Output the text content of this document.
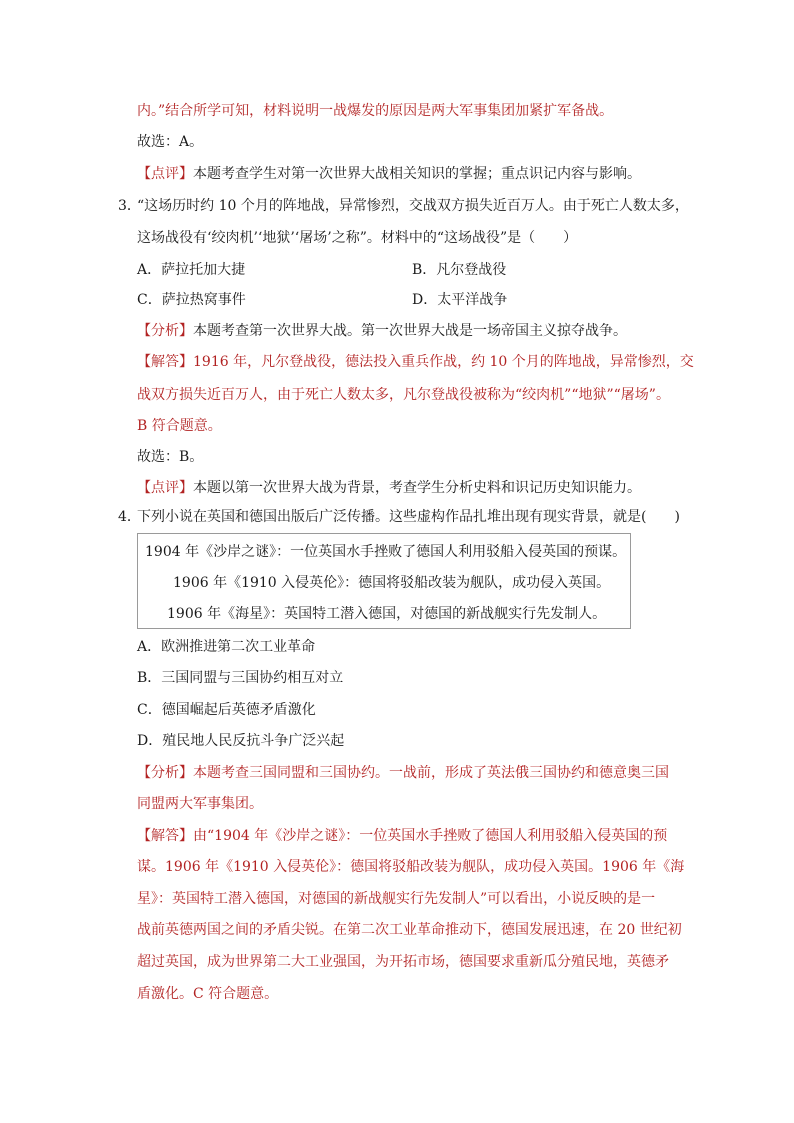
内。”结合所学可知，材料说明一战爆发的原因是两大军事集团加紧扩军备战。
故选：A。
【点评】本题考查学生对第一次世界大战相关知识的掌握；重点识记内容与影响。
3．
“这场历时约 10 个月的阵地战，异常惨烈，交战双方损失近百万人。由于死亡人数太多，
这场战役有‘绞肉机’‘地狱’‘屠场’之称”。材料中的“这场战役”是（　　）
A．萨拉托加大捷	B．凡尔登战役
C．萨拉热窝事件	D．太平洋战争
【分析】本题考查第一次世界大战。第一次世界大战是一场帝国主义掠夺战争。
【解答】1916 年，凡尔登战役，德法投入重兵作战，约 10 个月的阵地战，异常惨烈，交
战双方损失近百万人，由于死亡人数太多，凡尔登战役被称为“绞肉机”“地狱”“屠场”。
B 符合题意。
故选：B。
【点评】本题以第一次世界大战为背景，考查学生分析史料和识记历史知识能力。
4．
下列小说在英国和德国出版后广泛传播。这些虚构作品扎堆出现有现实背景，就是(　　)
1904 年《沙岸之谜》：一位英国水手挫败了德国人利用驳船入侵英国的预谋。
1906 年《1910 入侵英伦》：德国将驳船改装为舰队，成功侵入英国。
1906 年《海星》：英国特工潜入德国，对德国的新战舰实行先发制人。
A．欧洲推进第二次工业革命
B．三国同盟与三国协约相互对立
C．德国崛起后英德矛盾激化
D．殖民地人民反抗斗争广泛兴起
【分析】本题考查三国同盟和三国协约。一战前，形成了英法俄三国协约和德意奥三国
同盟两大军事集团。
【解答】由“1904 年《沙岸之谜》：一位英国水手挫败了德国人利用驳船入侵英国的预
谋。1906 年《1910 入侵英伦》：德国将驳船改装为舰队，成功侵入英国。1906 年《海
星》：英国特工潜入德国，对德国的新战舰实行先发制人”可以看出，小说反映的是一
战前英德两国之间的矛盾尖锐。在第二次工业革命推动下，德国发展迅速，在 20 世纪初
超过英国，成为世界第二大工业强国，为开拓市场，德国要求重新瓜分殖民地，英德矛
盾激化。C 符合题意。
